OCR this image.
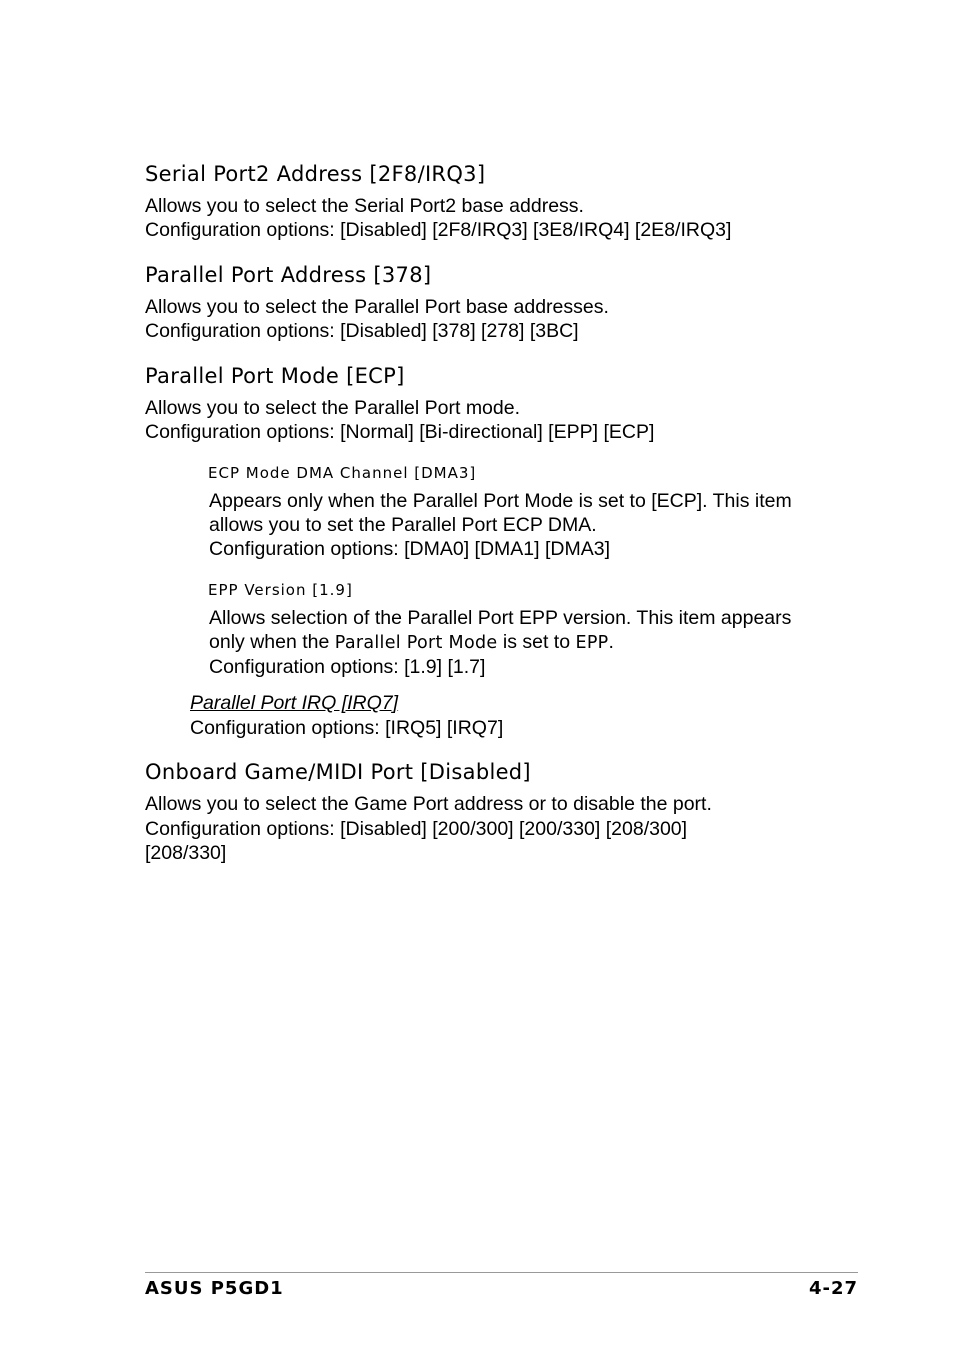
Serial Port2 Address [2F8/IRQ3]
Allows you to select the Serial Port2 base address.
Configuration options: [Disabled] [2F8/IRQ3] [3E8/IRQ4] [2E8/IRQ3]
Parallel Port Address [378]
Allows you to select the Parallel Port base addresses.
Configuration options: [Disabled] [378] [278] [3BC]
Parallel Port Mode [ECP]
Allows you to select the Parallel Port mode.
Configuration options: [Normal] [Bi-directional] [EPP] [ECP]
ECP Mode DMA Channel [DMA3]
Appears only when the Parallel Port Mode is set to [ECP]. This item
allows you to set the Parallel Port ECP DMA.
Configuration options: [DMA0] [DMA1] [DMA3]
EPP Version [1.9]
Allows selection of the Parallel Port EPP version. This item appears
only when the Parallel Port Mode is set to EPP.
Configuration options: [1.9] [1.7]
Parallel Port IRQ [IRQ7]
Configuration options: [IRQ5] [IRQ7]
Onboard Game/MIDI Port [Disabled]
Allows you to select the Game Port address or to disable the port.
Configuration options: [Disabled] [200/300] [200/330] [208/300]
[208/330]
ASUS P5GD1	4-27
